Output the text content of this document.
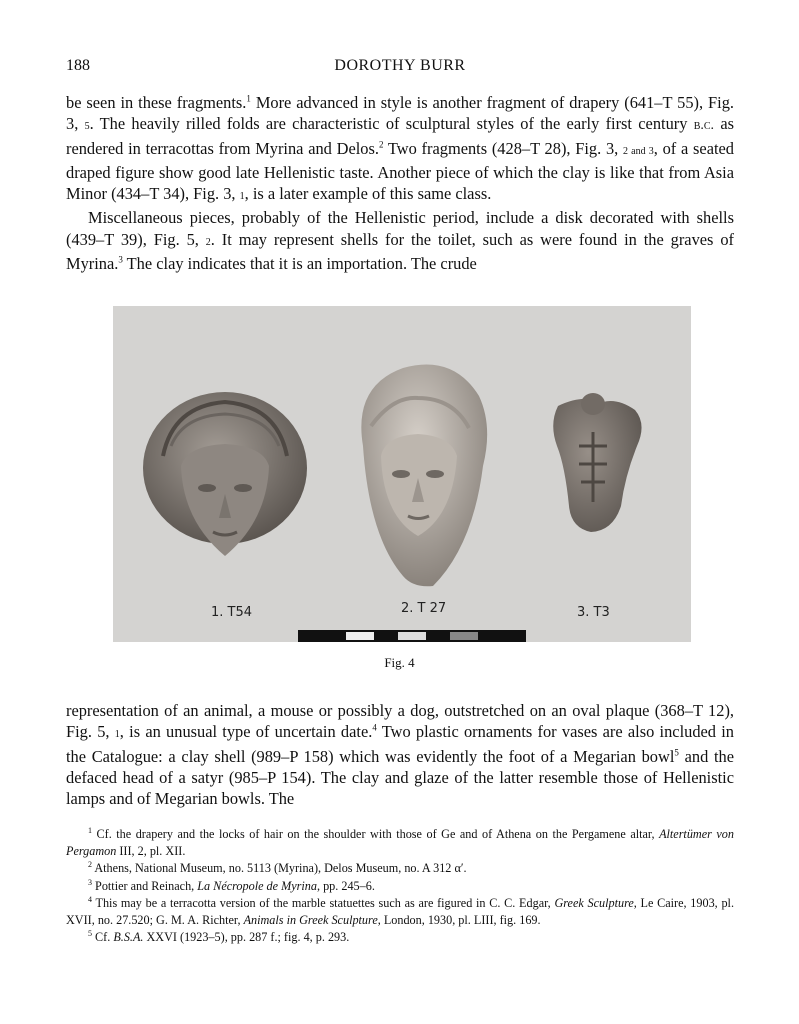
188	DOROTHY BURR

be seen in these fragments.$^1$ More advanced in style is another fragment of drapery (641–T 55), Fig. 3, 5. The heavily rilled folds are characteristic of sculptural styles of the early first century b.c. as rendered in terracottas from Myrina and Delos.$^2$ Two fragments (428–T 28), Fig. 3, 2 and 3, of a seated draped figure show good late Hellenistic taste. Another piece of which the clay is like that from Asia Minor (434–T 34), Fig. 3, 1, is a later example of this same class.

Miscellaneous pieces, probably of the Hellenistic period, include a disk decorated with shells (439–T 39), Fig. 5, 2. It may represent shells for the toilet, such as were found in the graves of Myrina.$^3$ The clay indicates that it is an importation. The crude

1. T54	2. T 27	3. T3
Fig. 4

representation of an animal, a mouse or possibly a dog, outstretched on an oval plaque (368–T 12), Fig. 5, 1, is an unusual type of uncertain date.$^4$ Two plastic ornaments for vases are also included in the Catalogue: a clay shell (989–P 158) which was evidently the foot of a Megarian bowl$^5$ and the defaced head of a satyr (985–P 154). The clay and glaze of the latter resemble those of Hellenistic lamps and of Megarian bowls. The

$^1$ Cf. the drapery and the locks of hair on the shoulder with those of Ge and of Athena on the Pergamene altar, Altertümer von Pergamon III, 2, pl. XII.

$^2$ Athens, National Museum, no. 5113 (Myrina), Delos Museum, no. A 312 α′.

$^3$ Pottier and Reinach, La Nécropole de Myrina, pp. 245–6.

$^4$ This may be a terracotta version of the marble statuettes such as are figured in C. C. Edgar, Greek Sculpture, Le Caire, 1903, pl. XVII, no. 27.520; G. M. A. Richter, Animals in Greek Sculpture, London, 1930, pl. LIII, fig. 169.

$^5$ Cf. B.S.A. XXVI (1923–5), pp. 287 f.; fig. 4, p. 293.
